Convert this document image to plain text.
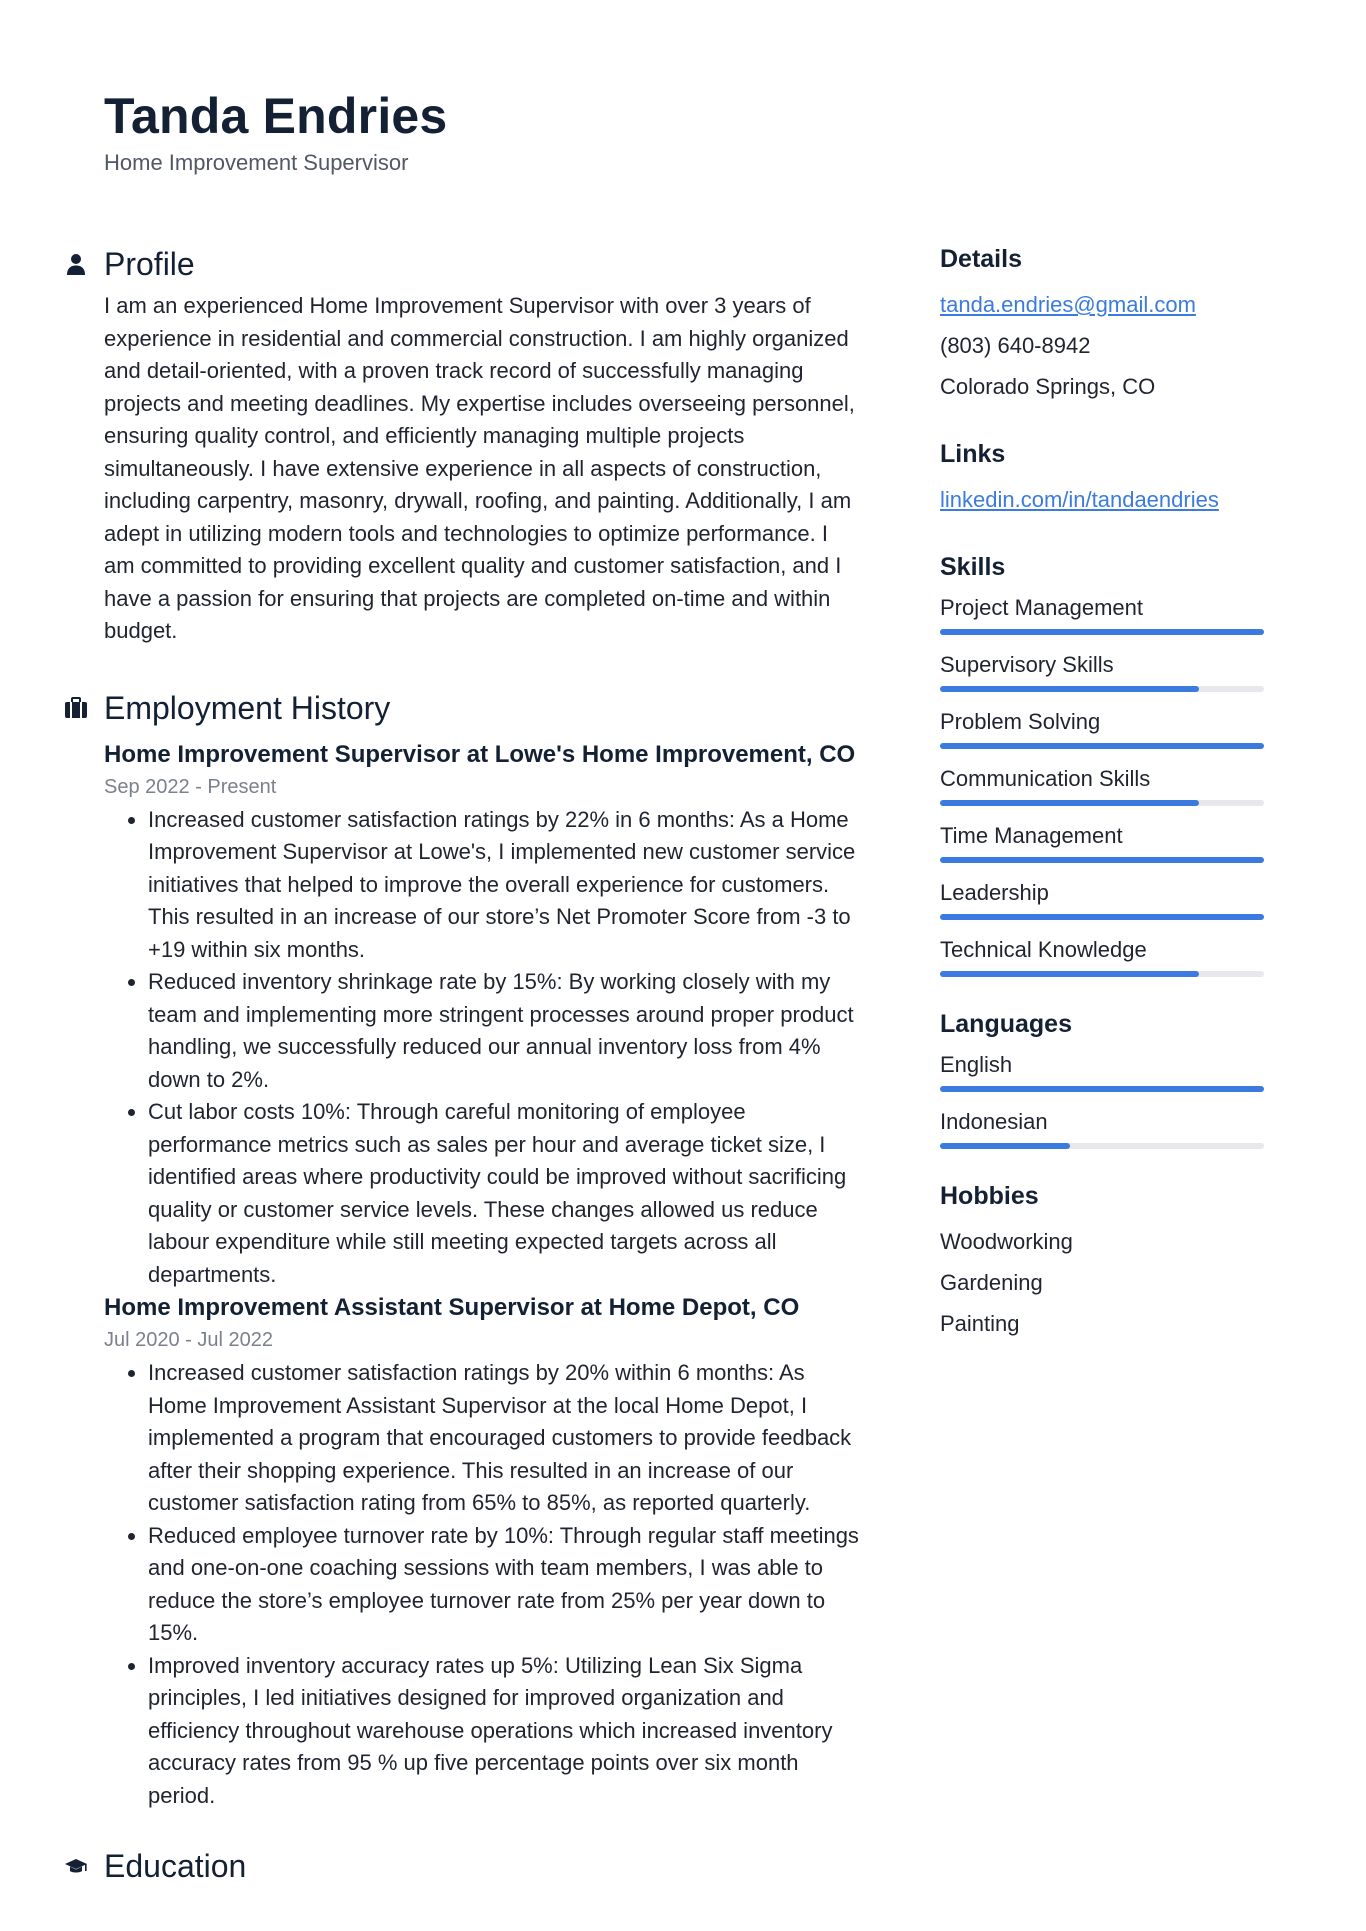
Tanda Endries
Home Improvement Supervisor
Profile
I am an experienced Home Improvement Supervisor with over 3 years of experience in residential and commercial construction. I am highly organized and detail-oriented, with a proven track record of successfully managing projects and meeting deadlines. My expertise includes overseeing personnel, ensuring quality control, and efficiently managing multiple projects simultaneously. I have extensive experience in all aspects of construction, including carpentry, masonry, drywall, roofing, and painting. Additionally, I am adept in utilizing modern tools and technologies to optimize performance. I am committed to providing excellent quality and customer satisfaction, and I have a passion for ensuring that projects are completed on-time and within budget.
Employment History
Home Improvement Supervisor at Lowe's Home Improvement, CO
Sep 2022 - Present
• Increased customer satisfaction ratings by 22% in 6 months: As a Home Improvement Supervisor at Lowe's, I implemented new customer service initiatives that helped to improve the overall experience for customers. This resulted in an increase of our store’s Net Promoter Score from -3 to +19 within six months.
• Reduced inventory shrinkage rate by 15%: By working closely with my team and implementing more stringent processes around proper product handling, we successfully reduced our annual inventory loss from 4% down to 2%.
• Cut labor costs 10%: Through careful monitoring of employee performance metrics such as sales per hour and average ticket size, I identified areas where productivity could be improved without sacrificing quality or customer service levels. These changes allowed us reduce labour expenditure while still meeting expected targets across all departments.
Home Improvement Assistant Supervisor at Home Depot, CO
Jul 2020 - Jul 2022
• Increased customer satisfaction ratings by 20% within 6 months: As Home Improvement Assistant Supervisor at the local Home Depot, I implemented a program that encouraged customers to provide feedback after their shopping experience. This resulted in an increase of our customer satisfaction rating from 65% to 85%, as reported quarterly.
• Reduced employee turnover rate by 10%: Through regular staff meetings and one-on-one coaching sessions with team members, I was able to reduce the store’s employee turnover rate from 25% per year down to 15%.
• Improved inventory accuracy rates up 5%: Utilizing Lean Six Sigma principles, I led initiatives designed for improved organization and efficiency throughout warehouse operations which increased inventory accuracy rates from 95 % up five percentage points over six month period.
Education
Details
tanda.endries@gmail.com
(803) 640-8942
Colorado Springs, CO
Links
linkedin.com/in/tandaendries
Skills
Project Management
Supervisory Skills
Problem Solving
Communication Skills
Time Management
Leadership
Technical Knowledge
Languages
English
Indonesian
Hobbies
Woodworking
Gardening
Painting
